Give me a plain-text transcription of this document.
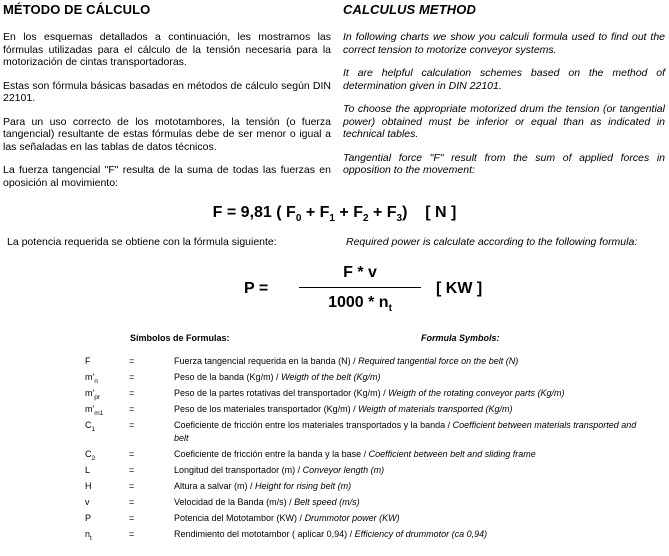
MÉTODO DE CÁLCULO

En los esquemas detallados a continuación, les mostramos las fórmulas utilizadas para el cálculo de la tensión necesaria para la motorización de cintas transportadoras.

Estas son fórmula básicas basadas en métodos de cálculo según DIN 22101.

Para un uso correcto de los mototambores, la tensión (o fuerza tangencial) resultante de estas fórmulas debe de ser menor o igual a las señaladas en las tablas de datos técnicos.

La fuerza tangencial "F" resulta de la suma de todas las fuerzas en oposición al movimiento:

CALCULUS METHOD

In following charts we show you calculi formula used to find out the correct tension to motorize conveyor systems.

It are helpful calculation schemes based on the method of determination given in DIN 22101.

To choose the appropriate motorized drum the tension (or tangential power) obtained must be inferior or equal than as indicated in technical tables.

Tangential force "F" result from the sum of applied forces in opposition to the movement:

F = 9,81 ( $F_0 + F_1 + F_2 + F_3$) [ N ]
La potencia requerida se obtiene con la fórmula siguiente:	Required power is calculate according to the following formula:
P =
F * v
$1000 * n_t$
[ KW ]
Símbolos de Formulas:	Formula Symbols:
F	=	Fuerza tangencial requerida en la banda (N) / Required tangential force on the belt (N)
$m'_n$	=	Peso de la banda (Kg/m) / Weigth of the belt (Kg/m)
$m'_{pr}$	=	Peso de la partes rotativas del transportador (Kg/m) / Weigth of the rotating conveyor parts (Kg/m)
$m'_{m1}$	=	Peso de los materiales transportador (Kg/m) / Weigth of materials transported (Kg/m)
$C_1$	=	Coeficiente de fricción entre los materiales transportados y la banda / Coefficient between materials transported and belt
$C_2$	=	Coeficiente de fricción entre la banda y la base / Coefficient between belt and sliding frame
L	=	Longitud del transportador (m) / Conveyor length (m)
H	=	Altura a salvar (m) / Height for rising belt (m)
v	=	Velocidad de la Banda (m/s) / Belt speed (m/s)
P	=	Potencia del Mototambor (KW) / Drummotor power (KW)
$n_t$	=	Rendimiento del mototambor ( aplicar 0,94) / Efficiency of drummotor (ca 0,94)
